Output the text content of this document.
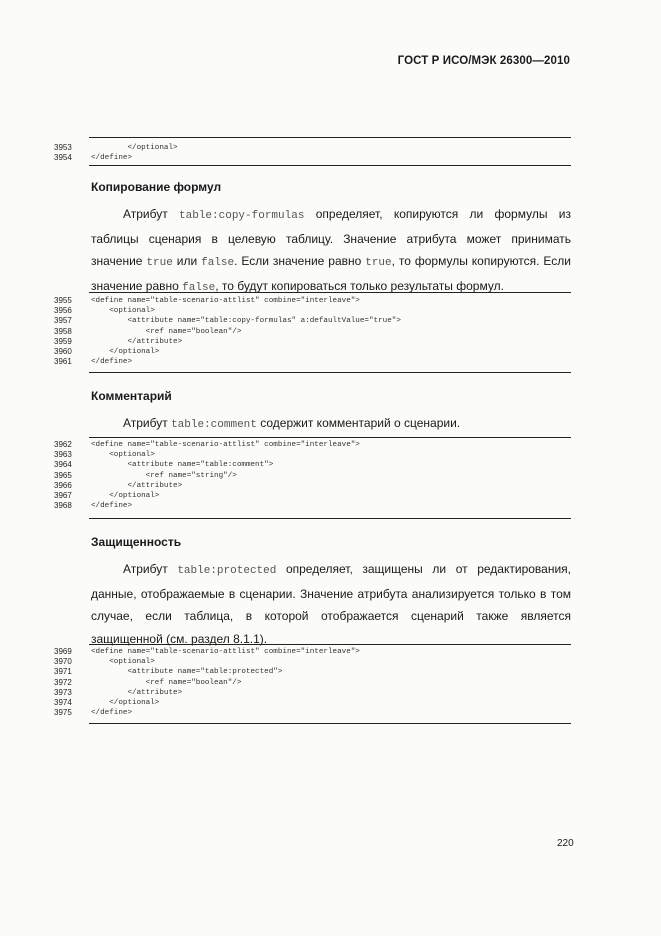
ГОСТ Р ИСО/МЭК 26300—2010
Копирование формул
Атрибут table:copy-formulas определяет, копируются ли формулы из таблицы сценария в целевую таблицу. Значение атрибута может принимать значение true или false. Если значение равно true, то формулы копируются. Если значение равно false, то будут копироваться только результаты формул.
Комментарий
Атрибут table:comment содержит комментарий о сценарии.
Защищенность
Атрибут table:protected определяет, защищены ли от редактирования, данные, отображаемые в сценарии. Значение атрибута анализируется только в том случае, если таблица, в которой отображается сценарий также является защищенной (см. раздел 8.1.1).
220
3953	</optional>
3954	</define>
3955	<define name="table-scenario-attlist" combine="interleave">
3956	<optional>
3957	<attribute name="table:copy-formulas" a:defaultValue="true">
3958	<ref name="boolean"/>
3959	</attribute>
3960	</optional>
3961	</define>
3962	<define name="table-scenario-attlist" combine="interleave">
3963	<optional>
3964	<attribute name="table:comment">
3965	<ref name="string"/>
3966	</attribute>
3967	</optional>
3968	</define>
3969	<define name="table-scenario-attlist" combine="interleave">
3970	<optional>
3971	<attribute name="table:protected">
3972	<ref name="boolean"/>
3973	</attribute>
3974	</optional>
3975	</define>
